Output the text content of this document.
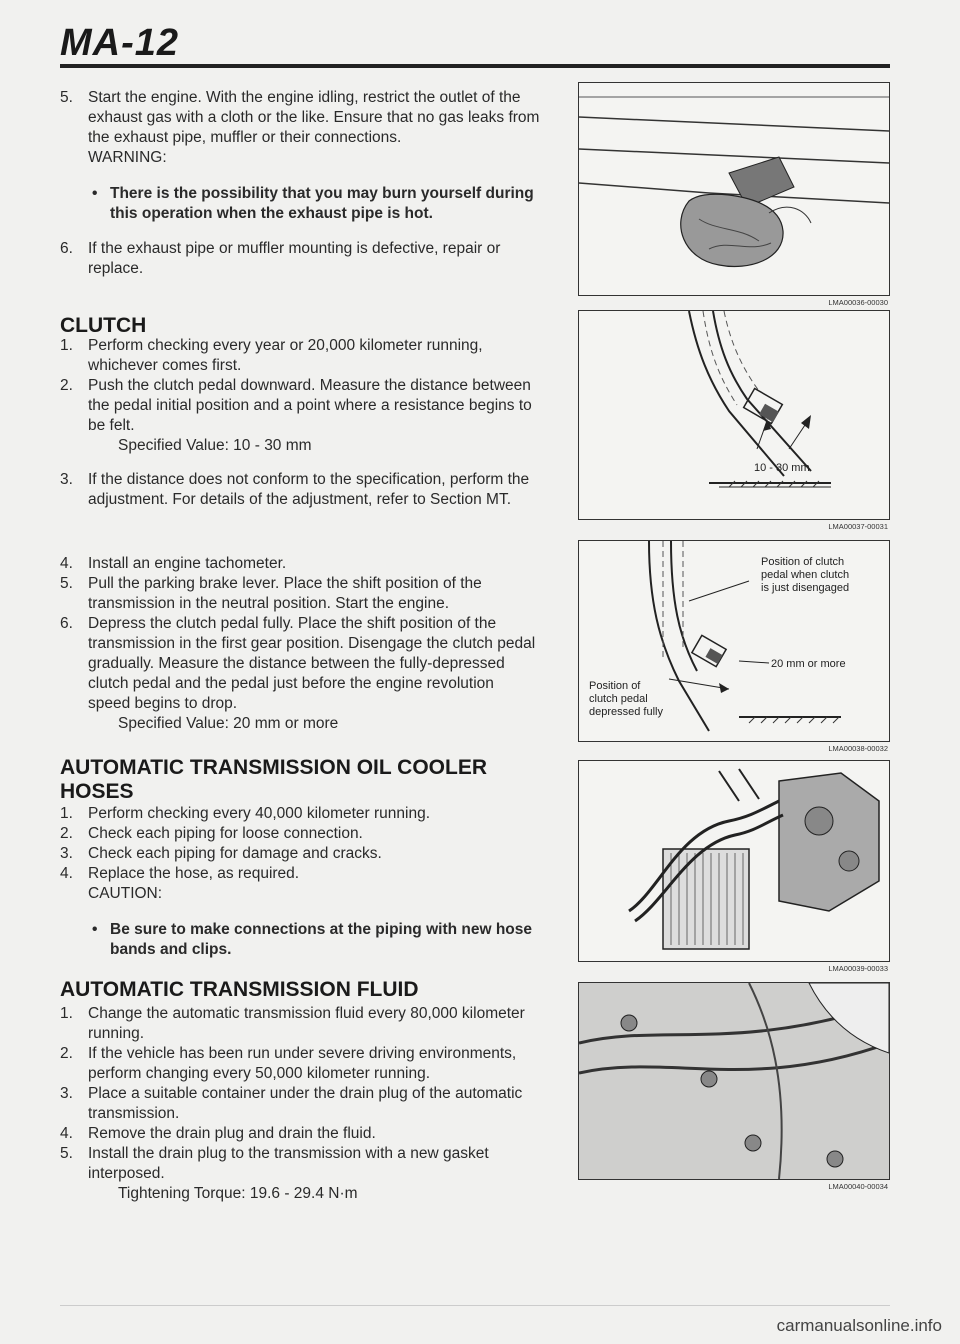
MA-12

5. Start the engine. With the engine idling, restrict the outlet of the exhaust gas with a cloth or the like. Ensure that no gas leaks from the exhaust pipe, muffler or their connections.

WARNING:

• There is the possibility that you may burn yourself during this operation when the exhaust pipe is hot.

6. If the exhaust pipe or muffler mounting is defective, repair or replace.

CLUTCH

1. Perform checking every year or 20,000 kilometer running, whichever comes first.

2. Push the clutch pedal downward. Measure the distance between the pedal initial position and a point where a resistance begins to be felt.

Specified Value: 10 - 30 mm

3. If the distance does not conform to the specification, perform the adjustment. For details of the adjustment, refer to Section MT.

4. Install an engine tachometer.

5. Pull the parking brake lever. Place the shift position of the transmission in the neutral position. Start the engine.

6. Depress the clutch pedal fully. Place the shift position of the transmission in the first gear position. Disengage the clutch pedal gradually. Measure the distance between the fully-depressed clutch pedal and the pedal just before the engine revolution speed begins to drop.

Specified Value: 20 mm or more
AUTOMATIC TRANSMISSION OIL COOLER
HOSES

1. Perform checking every 40,000 kilometer running.

2. Check each piping for loose connection.

3. Check each piping for damage and cracks.

4. Replace the hose, as required.

CAUTION:

• Be sure to make connections at the piping with new hose bands and clips.

AUTOMATIC TRANSMISSION FLUID

1. Change the automatic transmission fluid every 80,000 kilometer running.

2. If the vehicle has been run under severe driving environments, perform changing every 50,000 kilometer running.

3. Place a suitable container under the drain plug of the automatic transmission.

4. Remove the drain plug and drain the fluid.

5. Install the drain plug to the transmission with a new gasket interposed.

Tightening Torque: 19.6 - 29.4 N·m
LMA00036-00030
10 - 30 mm
LMA00037-00031
Position of clutch
pedal when clutch
is just disengaged
20 mm or more
Position of
clutch pedal
depressed fully
LMA00038-00032
LMA00039-00033
LMA00040-00034
carmanualsonline.info
